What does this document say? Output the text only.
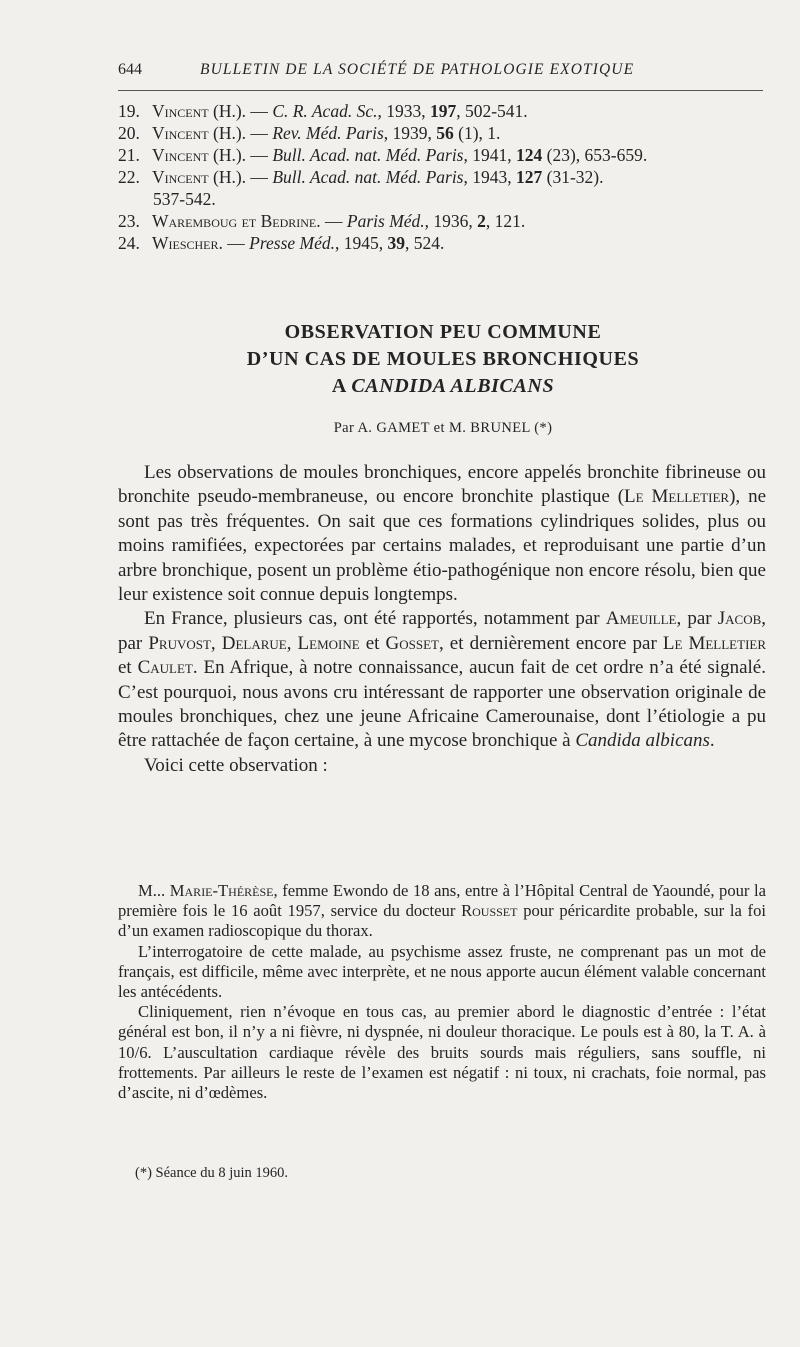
644	BULLETIN DE LA SOCIÉTÉ DE PATHOLOGIE EXOTIQUE
19. Vincent (H.). — C. R. Acad. Sc., 1933, 197, 502-541.
20. Vincent (H.). — Rev. Méd. Paris, 1939, 56 (1), 1.
21. Vincent (H.). — Bull. Acad. nat. Méd. Paris, 1941, 124 (23), 653-659.
22. Vincent (H.). — Bull. Acad. nat. Méd. Paris, 1943, 127 (31-32).
537-542.
23. Waremboug et Bedrine. — Paris Méd., 1936, 2, 121.
24. Wiescher. — Presse Méd., 1945, 39, 524.
OBSERVATION PEU COMMUNE
D’UN CAS DE MOULES BRONCHIQUES
A CANDIDA ALBICANS
Par A. GAMET et M. BRUNEL (*)

Les observations de moules bronchiques, encore appelés bronchite fibrineuse ou bronchite pseudo-membraneuse, ou encore bronchite plastique (Le Melletier), ne sont pas très fréquentes. On sait que ces formations cylindriques solides, plus ou moins ramifiées, expectorées par certains malades, et reproduisant une partie d’un arbre bronchique, posent un problème étio-pathogénique non encore résolu, bien que leur existence soit connue depuis longtemps.

En France, plusieurs cas, ont été rapportés, notamment par Ameuille, par Jacob, par Pruvost, Delarue, Lemoine et Gosset, et dernièrement encore par Le Melletier et Caulet. En Afrique, à notre connaissance, aucun fait de cet ordre n’a été signalé. C’est pourquoi, nous avons cru intéressant de rapporter une observation originale de moules bronchiques, chez une jeune Africaine Camerounaise, dont l’étiologie a pu être rattachée de façon certaine, à une mycose bronchique à Candida albicans.

Voici cette observation :

M... Marie-Thérèse, femme Ewondo de 18 ans, entre à l’Hôpital Central de Yaoundé, pour la première fois le 16 août 1957, service du docteur Rousset pour péricardite probable, sur la foi d’un examen radioscopique du thorax.

L’interrogatoire de cette malade, au psychisme assez fruste, ne comprenant pas un mot de français, est difficile, même avec interprète, et ne nous apporte aucun élément valable concernant les antécédents.

Cliniquement, rien n’évoque en tous cas, au premier abord le diagnostic d’entrée : l’état général est bon, il n’y a ni fièvre, ni dyspnée, ni douleur thoracique. Le pouls est à 80, la T. A. à 10/6. L’auscultation cardiaque révèle des bruits sourds mais réguliers, sans souffle, ni frottements. Par ailleurs le reste de l’examen est négatif : ni toux, ni crachats, foie normal, pas d’ascite, ni d’œdèmes.

(*) Séance du 8 juin 1960.
